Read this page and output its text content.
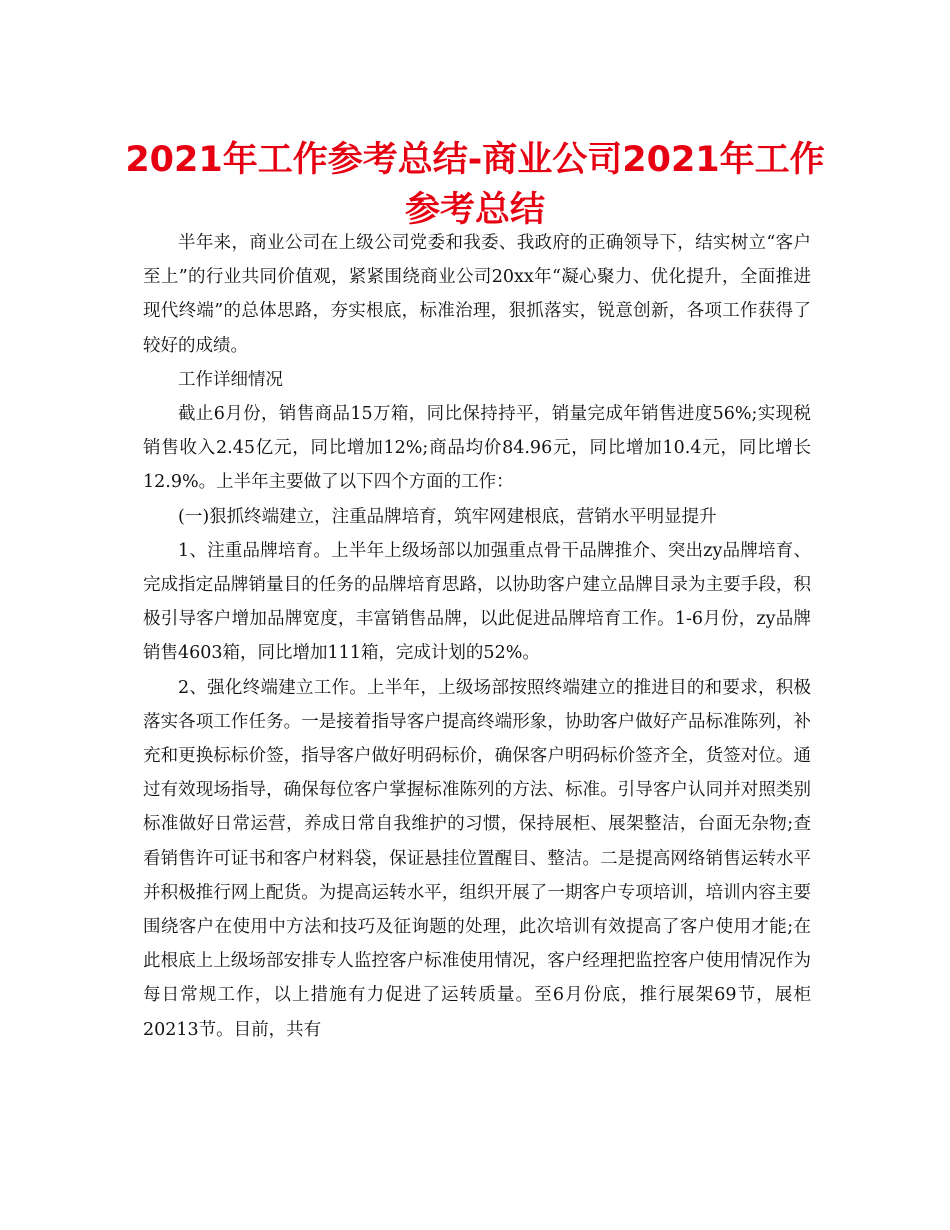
2021年工作参考总结-商业公司2021年工作参考总结

半年来，商业公司在上级公司党委和我委、我政府的正确领导下，结实树立“客户至上”的行业共同价值观，紧紧围绕商业公司20xx年“凝心聚力、优化提升，全面推进现代终端”的总体思路，夯实根底，标准治理，狠抓落实，锐意创新，各项工作获得了较好的成绩。

工作详细情况

截止6月份，销售商品15万箱，同比保持持平，销量完成年销售进度56%;实现税销售收入2.45亿元，同比增加12%;商品均价84.96元，同比增加10.4元，同比增长12.9%。上半年主要做了以下四个方面的工作：

(一)狠抓终端建立，注重品牌培育，筑牢网建根底，营销水平明显提升

1、注重品牌培育。上半年上级场部以加强重点骨干品牌推介、突出zy品牌培育、完成指定品牌销量目的任务的品牌培育思路，以协助客户建立品牌目录为主要手段，积极引导客户增加品牌宽度，丰富销售品牌，以此促进品牌培育工作。1-6月份，zy品牌销售4603箱，同比增加111箱，完成计划的52%。

2、强化终端建立工作。上半年，上级场部按照终端建立的推进目的和要求，积极落实各项工作任务。一是接着指导客户提高终端形象，协助客户做好产品标准陈列，补充和更换标标价签，指导客户做好明码标价，确保客户明码标价签齐全，货签对位。通过有效现场指导，确保每位客户掌握标准陈列的方法、标准。引导客户认同并对照类别标准做好日常运营，养成日常自我维护的习惯，保持展柜、展架整洁，台面无杂物;查看销售许可证书和客户材料袋，保证悬挂位置醒目、整洁。二是提高网络销售运转水平并积极推行网上配货。为提高运转水平，组织开展了一期客户专项培训，培训内容主要围绕客户在使用中方法和技巧及征询题的处理，此次培训有效提高了客户使用才能;在此根底上上级场部安排专人监控客户标准使用情况，客户经理把监控客户使用情况作为每日常规工作，以上措施有力促进了运转质量。至6月份底，推行展架69节，展柜20213节。目前，共有
